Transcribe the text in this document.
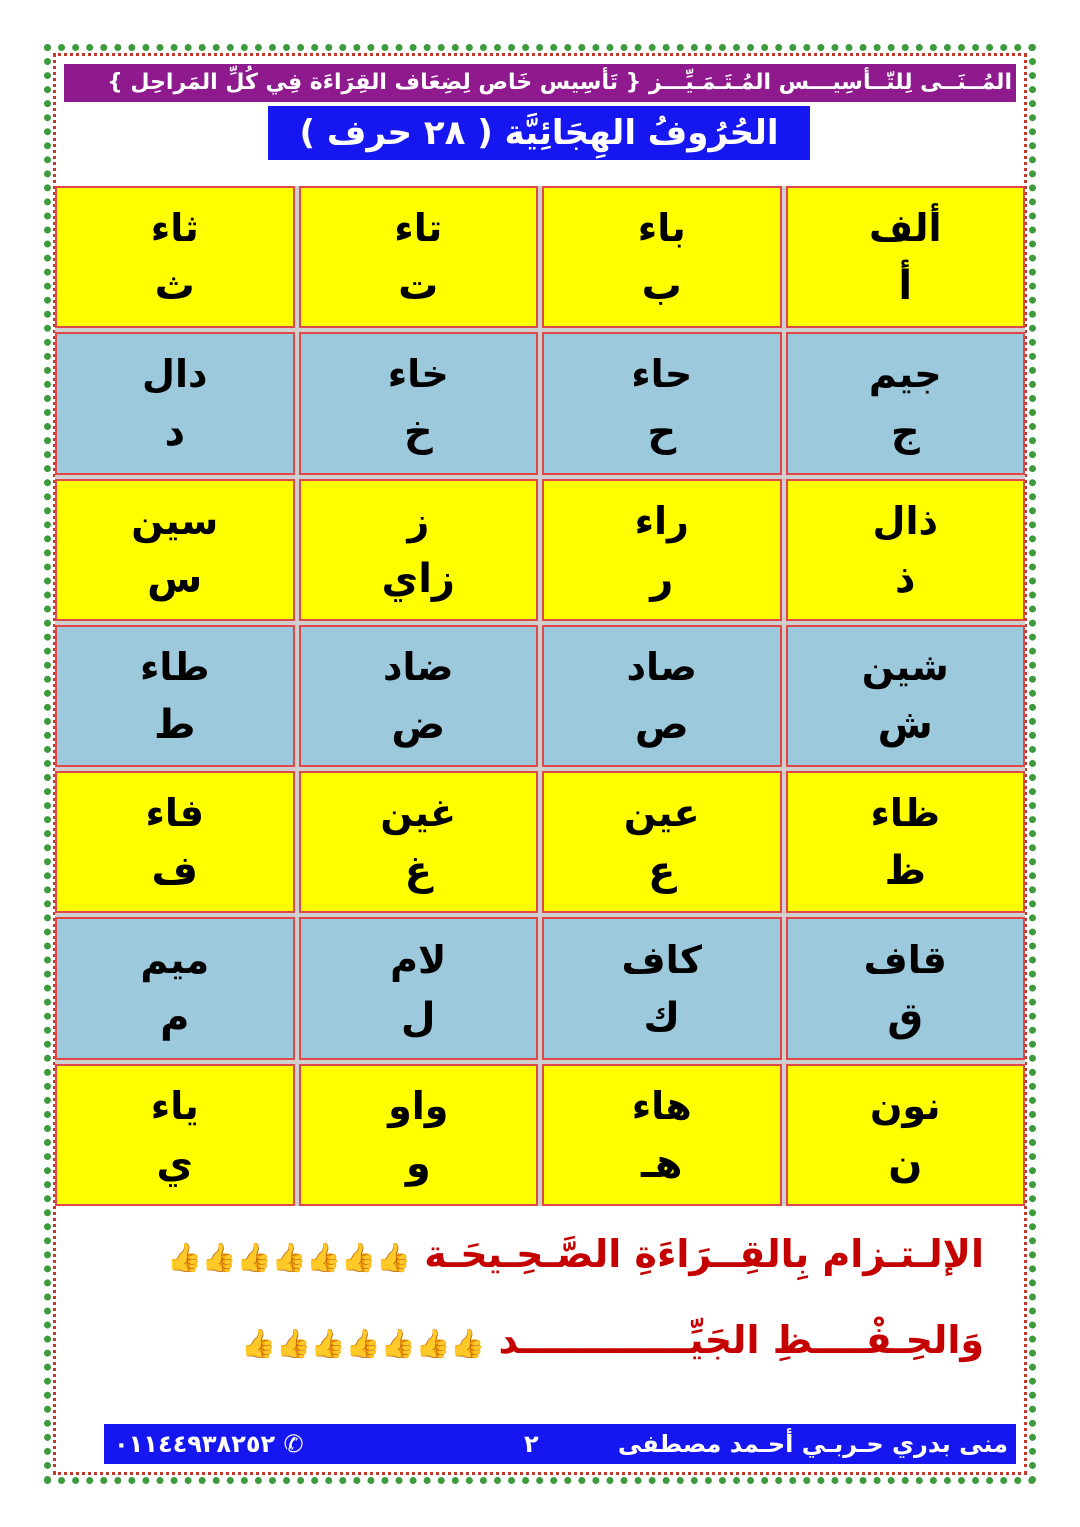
المُــنَــى لِلتّــأسِيـــس المُـتَـمَـيِّـــز { تَأسِيس خَاص لِضِعَاف القِرَاءَة فِي كُلِّ المَراحِل }
الحُرُوفُ الهِجَائِيَّة ( ٢٨ حرف )
ألف
أ
باء
ب
تاء
ت
ثاء
ث
جيم
ج
حاء
ح
خاء
خ
دال
د
ذال
ذ
راء
ر
ز
زاي
سين
س
شين
ش
صاد
ص
ضاد
ض
طاء
ط
ظاء
ظ
عين
ع
غين
غ
فاء
ف
قاف
ق
كاف
ك
لام
ل
ميم
م
نون
ن
هاء
هـ
واو
و
ياء
ي
الإلـتـزام بِالقِــرَاءَةِ الصَّـحِـيحَـة 👍👍👍👍👍👍👍
وَالحِـفْــــظِ الجَيِّـــــــــــــد 👍👍👍👍👍👍👍
منى بدري حـربـي أحـمد مصطفى
٢
٠١١٤٤٩٣٨٢٥٢ ✆
